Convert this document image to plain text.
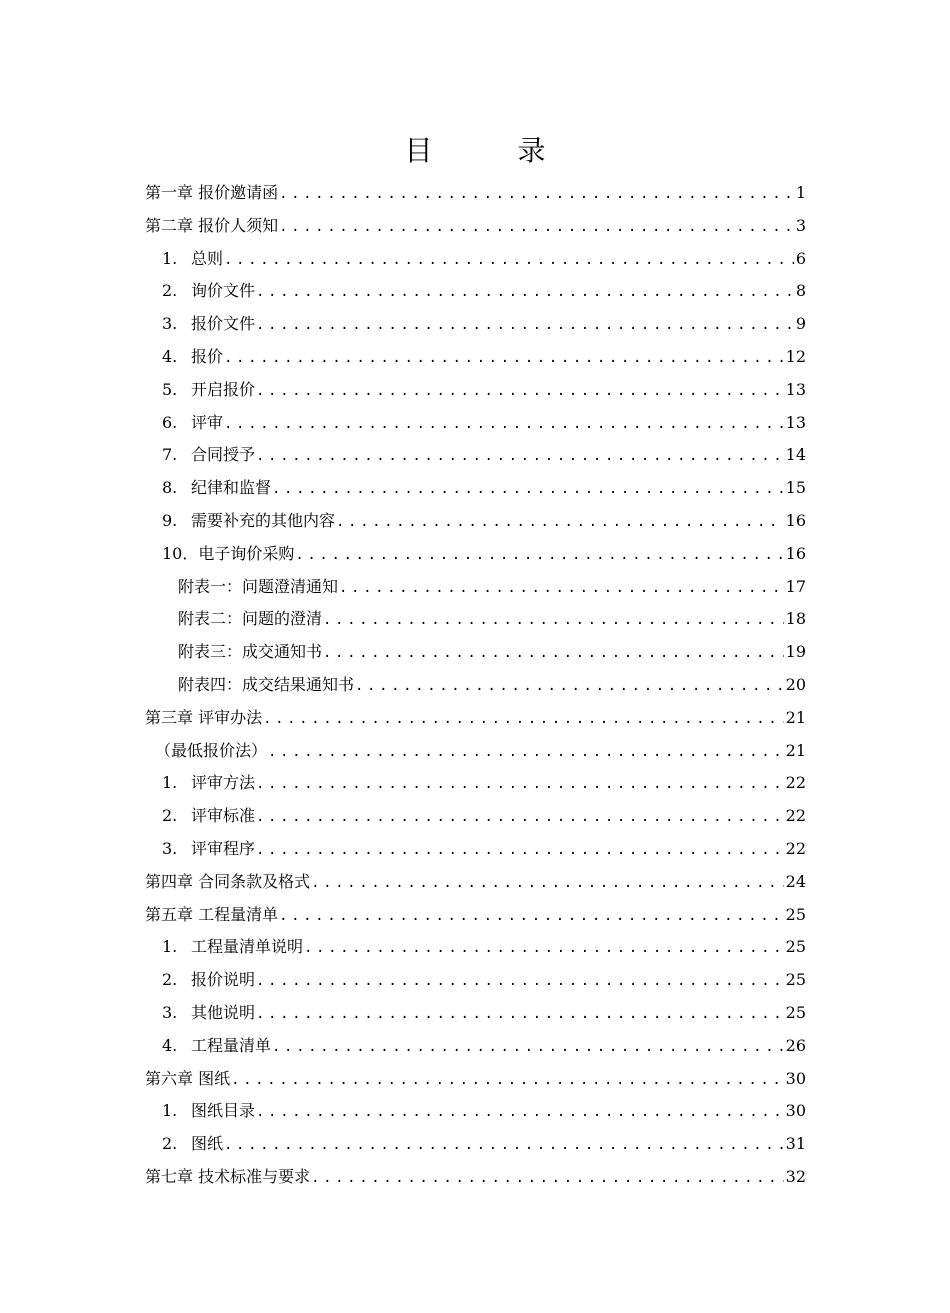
目 录
第一章 报价邀请函 .....	1
第二章 报价人须知 .....	3
1. 总则 .....	6
2. 询价文件 .....	8
3. 报价文件 .....	9
4. 报价 .....	12
5. 开启报价 .....	13
6. 评审 .....	13
7. 合同授予 .....	14
8. 纪律和监督 .....	15
9. 需要补充的其他内容 .....	16
10．电子询价采购 .....	16
附表一：问题澄清通知 .....	17
附表二：问题的澄清 .....	18
附表三：成交通知书 .....	19
附表四：成交结果通知书 .....	20
第三章 评审办法 .....	21
（最低报价法） .....	21
1. 评审方法 .....	22
2. 评审标准 .....	22
3. 评审程序 .....	22
第四章 合同条款及格式 .....	24
第五章 工程量清单 .....	25
1. 工程量清单说明 .....	25
2. 报价说明 .....	25
3. 其他说明 .....	25
4. 工程量清单 .....	26
第六章 图纸 .....	30
1. 图纸目录 .....	30
2. 图纸 .....	31
第七章 技术标准与要求 .....	32
